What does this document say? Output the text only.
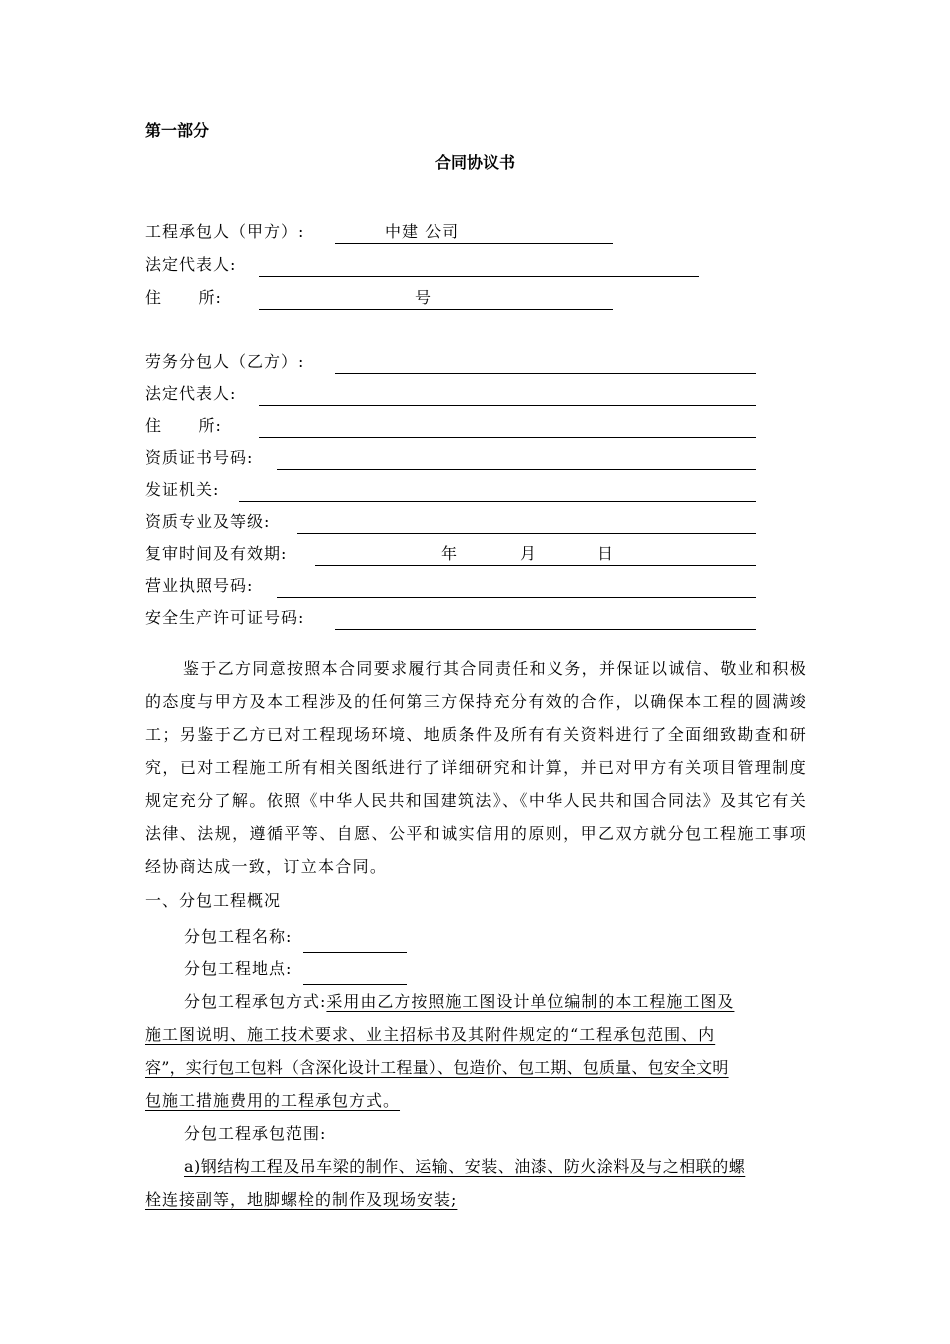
第一部分
合同协议书
工程承包人（甲方）:	中建 公司
法定代表人:
住      所:	号
劳务分包人（乙方）:
法定代表人:
住      所:
资质证书号码:
发证机关:
资质专业及等级:
复审时间及有效期:	年	月	日
营业执照号码:
安全生产许可证号码:
鉴于乙方同意按照本合同要求履行其合同责任和义务，并保证以诚信、敬业和积极的态度与甲方及本工程涉及的任何第三方保持充分有效的合作，以确保本工程的圆满竣工；另鉴于乙方已对工程现场环境、地质条件及所有有关资料进行了全面细致勘查和研究，已对工程施工所有相关图纸进行了详细研究和计算，并已对甲方有关项目管理制度规定充分了解。依照《中华人民共和国建筑法》、《中华人民共和国合同法》及其它有关法律、法规，遵循平等、自愿、公平和诚实信用的原则，甲乙双方就分包工程施工事项经协商达成一致，订立本合同。
一、分包工程概况
分包工程名称:
分包工程地点:
分包工程承包方式:采用由乙方按照施工图设计单位编制的本工程施工图及
施工图说明、施工技术要求、业主招标书及其附件规定的“工程承包范围、内
容”，实行包工包料（含深化设计工程量）、包造价、包工期、包质量、包安全文明
包施工措施费用的工程承包方式。
分包工程承包范围:
a)钢结构工程及吊车梁的制作、运输、安装、油漆、防火涂料及与之相联的螺
栓连接副等，地脚螺栓的制作及现场安装;
